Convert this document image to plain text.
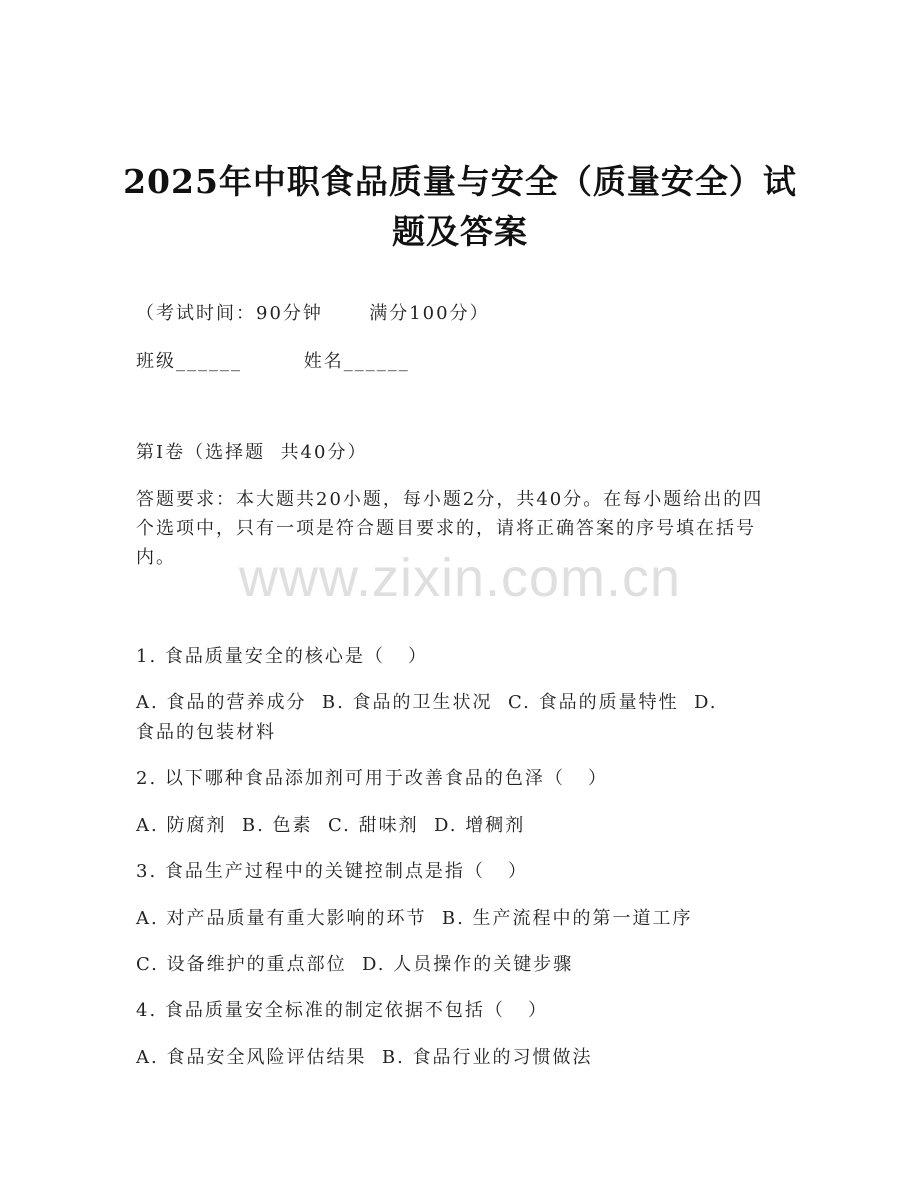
2025年中职食品质量与安全（质量安全）试
题及答案

（考试时间：90分钟      满分100分）

班级______        姓名______

第Ⅰ卷（选择题  共40分）

答题要求：本大题共20小题，每小题2分，共40分。在每小题给出的四个选项中，只有一项是符合题目要求的，请将正确答案的序号填在括号内。	www.zixin.com.cn

1. 食品质量安全的核心是（   ）

A. 食品的营养成分  B. 食品的卫生状况  C. 食品的质量特性  D.

食品的包装材料

2. 以下哪种食品添加剂可用于改善食品的色泽（   ）

A. 防腐剂  B. 色素  C. 甜味剂  D. 增稠剂

3. 食品生产过程中的关键控制点是指（   ）

A. 对产品质量有重大影响的环节  B. 生产流程中的第一道工序

C. 设备维护的重点部位  D. 人员操作的关键步骤

4. 食品质量安全标准的制定依据不包括（   ）

A. 食品安全风险评估结果  B. 食品行业的习惯做法
